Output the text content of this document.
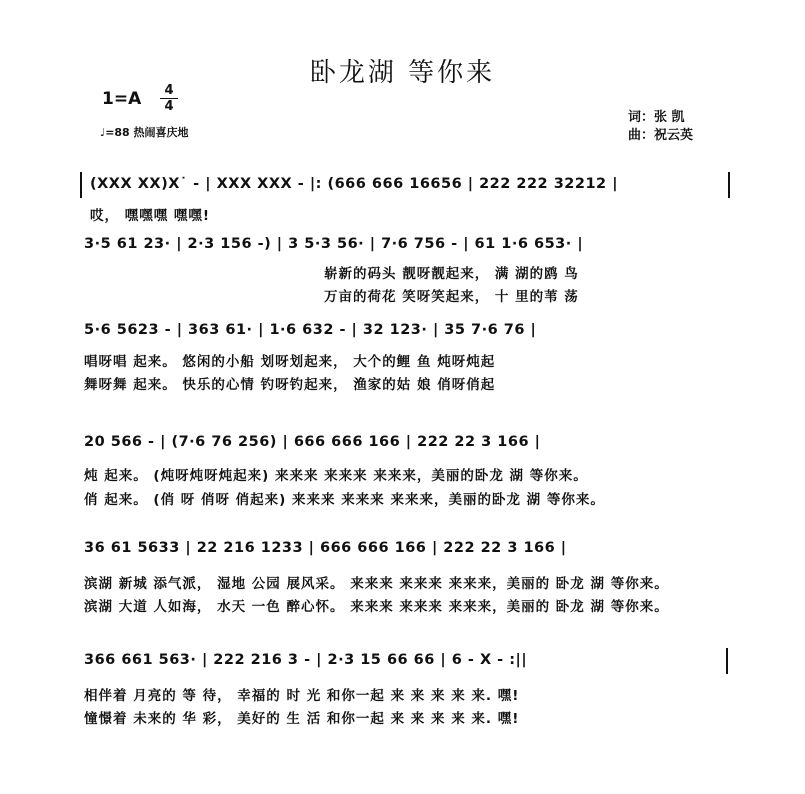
卧龙湖 等你来
1=A	4
4
♩=88 热闹喜庆地
词：张 凯
曲：祝云英
(XXX XX)X˙ - | XXX XXX - |: (666 666 16656 | 222 222 32212 |
哎， 嘿嘿嘿 嘿嘿!
3·5 61 23· | 2·3 156 -) | 3 5·3 56· | 7·6 756 - | 61 1·6 653· |
崭新的码头 靓呀靓起来， 满 湖的鸥 鸟
万亩的荷花 笑呀笑起来， 十 里的苇 荡
5·6 5623 - | 363 61· | 1·6 632 - | 32 123· | 35 7·6 76 |
唱呀唱 起来。 悠闲的小船 划呀划起来， 大个的鲤 鱼 炖呀炖起
舞呀舞 起来。 快乐的心情 钓呀钓起来， 渔家的姑 娘 俏呀俏起
20 566 - | (7·6 76 256) | 666 666 166 | 222 22 3 166 |
炖 起来。 (炖呀炖呀炖起来) 来来来 来来来 来来来，美丽的卧龙 湖 等你来。
俏 起来。 (俏 呀 俏呀 俏起来) 来来来 来来来 来来来，美丽的卧龙 湖 等你来。
36 61 5633 | 22 216 1233 | 666 666 166 | 222 22 3 166 |
滨湖 新城 添气派， 湿地 公园 展风采。 来来来 来来来 来来来，美丽的 卧龙 湖 等你来。
滨湖 大道 人如海， 水天 一色 醉心怀。 来来来 来来来 来来来，美丽的 卧龙 湖 等你来。
366 661 563· | 222 216 3 - | 2·3 15 66 66 | 6 - X - :||
相伴着 月亮的 等 待， 幸福的 时 光 和你一起 来 来 来 来 来. 嘿!
憧憬着 未来的 华 彩， 美好的 生 活 和你一起 来 来 来 来 来. 嘿!
